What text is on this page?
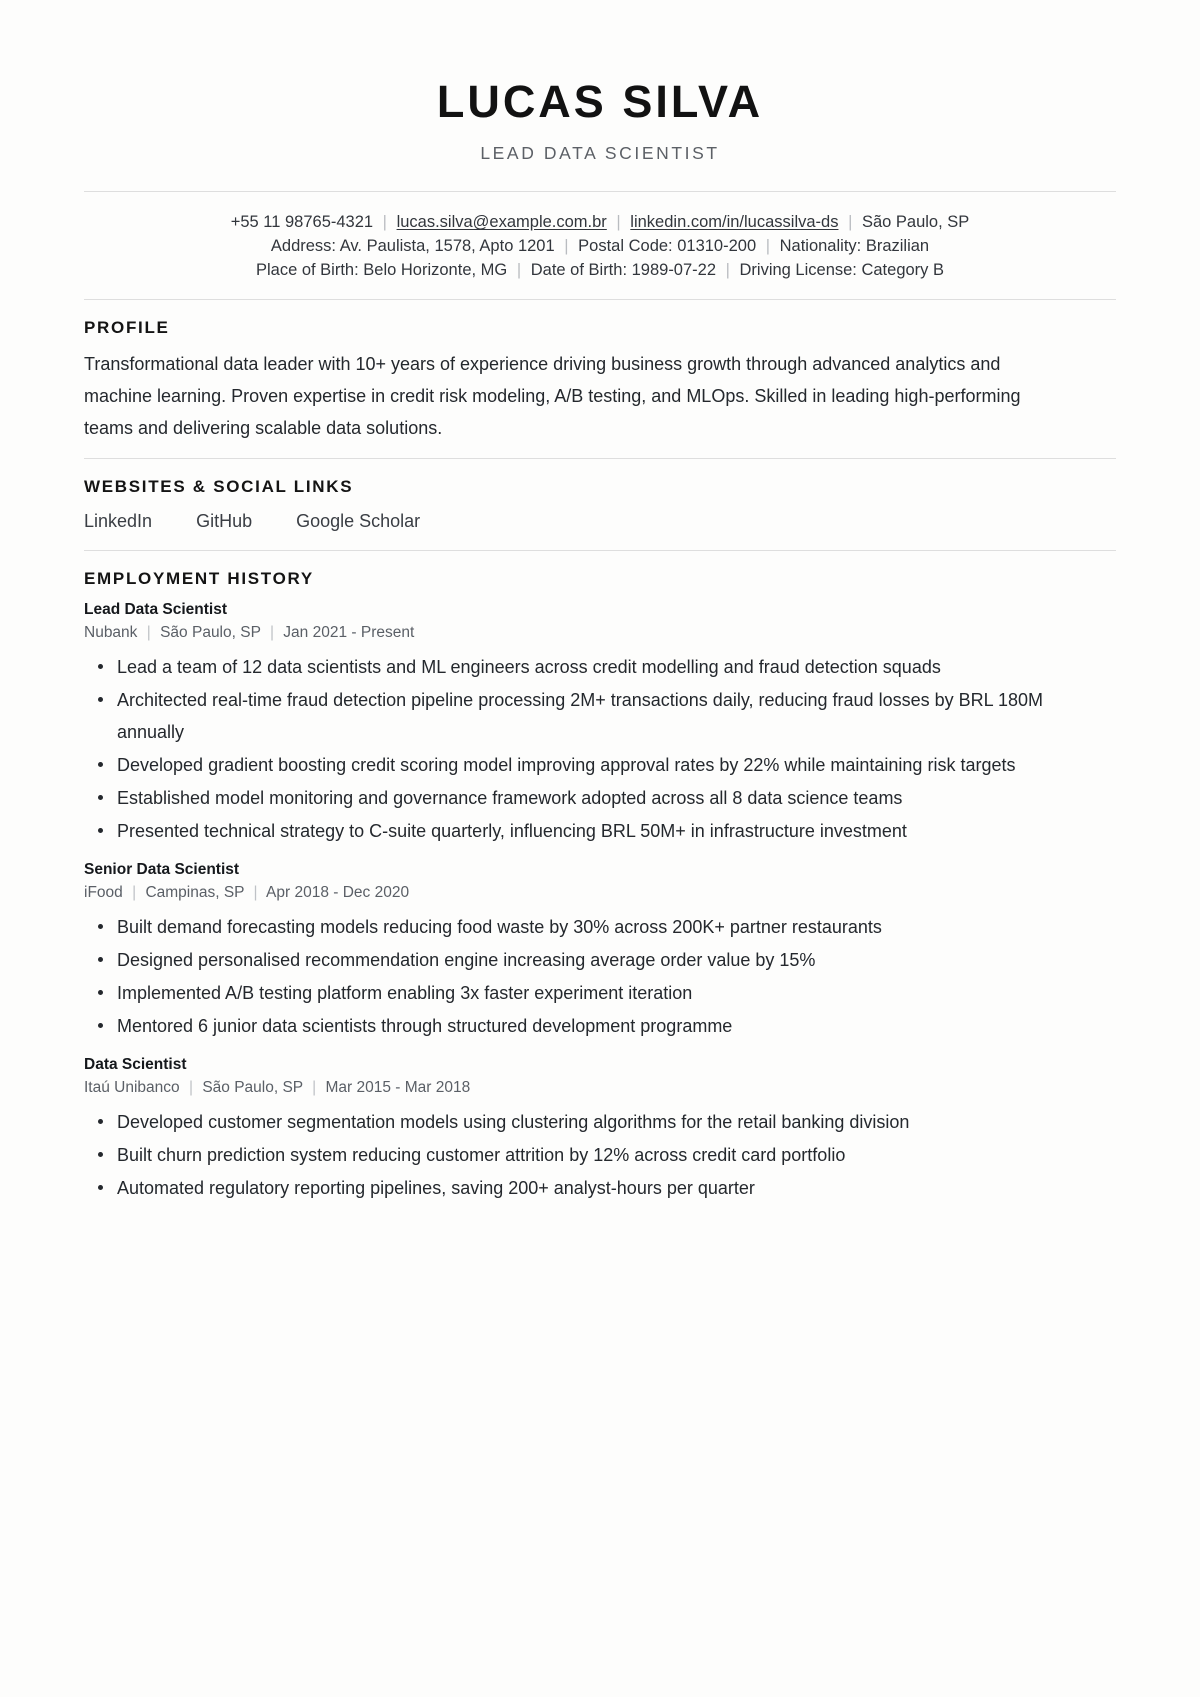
LUCAS SILVA
LEAD DATA SCIENTIST
+55 11 98765-4321 | lucas.silva@example.com.br | linkedin.com/in/lucassilva-ds | São Paulo, SP
Address: Av. Paulista, 1578, Apto 1201 | Postal Code: 01310-200 | Nationality: Brazilian
Place of Birth: Belo Horizonte, MG | Date of Birth: 1989-07-22 | Driving License: Category B
PROFILE

Transformational data leader with 10+ years of experience driving business growth through advanced analytics and machine learning. Proven expertise in credit risk modeling, A/B testing, and MLOps. Skilled in leading high-performing teams and delivering scalable data solutions.

WEBSITES & SOCIAL LINKS
LinkedIn GitHub Google Scholar
EMPLOYMENT HISTORY
Lead Data Scientist
Nubank | São Paulo, SP | Jan 2021 - Present
Lead a team of 12 data scientists and ML engineers across credit modelling and fraud detection squads
Architected real-time fraud detection pipeline processing 2M+ transactions daily, reducing fraud losses by BRL 180M annually
Developed gradient boosting credit scoring model improving approval rates by 22% while maintaining risk targets
Established model monitoring and governance framework adopted across all 8 data science teams
Presented technical strategy to C-suite quarterly, influencing BRL 50M+ in infrastructure investment
Senior Data Scientist
iFood | Campinas, SP | Apr 2018 - Dec 2020
Built demand forecasting models reducing food waste by 30% across 200K+ partner restaurants
Designed personalised recommendation engine increasing average order value by 15%
Implemented A/B testing platform enabling 3x faster experiment iteration
Mentored 6 junior data scientists through structured development programme
Data Scientist
Itaú Unibanco | São Paulo, SP | Mar 2015 - Mar 2018
Developed customer segmentation models using clustering algorithms for the retail banking division
Built churn prediction system reducing customer attrition by 12% across credit card portfolio
Automated regulatory reporting pipelines, saving 200+ analyst-hours per quarter
